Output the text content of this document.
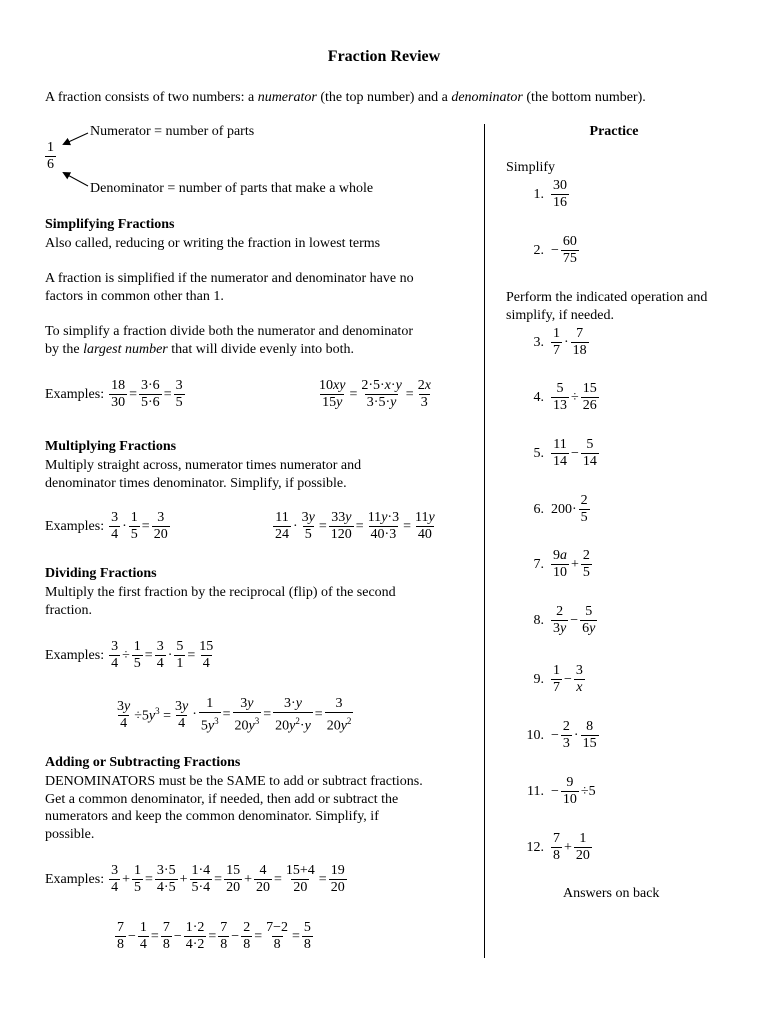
Fraction Review
A fraction consists of two numbers: a numerator (the top number) and a denominator (the bottom number).
$\frac{1}{6}$
Numerator = number of parts
Denominator = number of parts that make a whole
Simplifying Fractions
Also called, reducing or writing the fraction in lowest terms
A fraction is simplified if the numerator and denominator have no
factors in common other than 1.
To simplify a fraction divide both the numerator and denominator
by the largest number that will divide evenly into both.
Examples: $\frac{18}{30} = \frac{3\cdot 6}{5\cdot 6} = \frac{3}{5}$	$\frac{10xy}{15y} = \frac{2\cdot 5\cdot x\cdot y}{3\cdot 5\cdot y} = \frac{2x}{3}$
Multiplying Fractions
Multiply straight across, numerator times numerator and
denominator times denominator. Simplify, if possible.
Examples: $\frac{3}{4} \cdot \frac{1}{5} = \frac{3}{20}$	$\frac{11}{24} \cdot \frac{3y}{5} = \frac{33y}{120} = \frac{11y\cdot 3}{40\cdot 3} = \frac{11y}{40}$
Dividing Fractions
Multiply the first fraction by the reciprocal (flip) of the second
fraction.
Examples: $\frac{3}{4} \div \frac{1}{5} = \frac{3}{4} \cdot \frac{5}{1} = \frac{15}{4}$
$\frac{3y}{4} \div 5y^3 = \frac{3y}{4} \cdot \frac{1}{5y^3} = \frac{3y}{20y^3} = \frac{3\cdot y}{20y^2\cdot y} = \frac{3}{20y^2}$
Adding or Subtracting Fractions
DENOMINATORS must be the SAME to add or subtract fractions.
Get a common denominator, if needed, then add or subtract the
numerators and keep the common denominator. Simplify, if
possible.
Examples: $\frac{3}{4} + \frac{1}{5} = \frac{3\cdot 5}{4\cdot 5} + \frac{1\cdot 4}{5\cdot 4} = \frac{15}{20} + \frac{4}{20} = \frac{15+4}{20} = \frac{19}{20}$
$\frac{7}{8} - \frac{1}{4} = \frac{7}{8} - \frac{1\cdot 2}{4\cdot 2} = \frac{7}{8} - \frac{2}{8} = \frac{7-2}{8} = \frac{5}{8}$
Practice
Simplify
1. $\frac{30}{16}$
2. − $\frac{60}{75}$
Perform the indicated operation and
simplify, if needed.
3. $\frac{1}{7} \cdot \frac{7}{18}$
4. $\frac{5}{13} \div \frac{15}{26}$
5. $\frac{11}{14} - \frac{5}{14}$
6. $200\cdot \frac{2}{5}$
7. $\frac{9a}{10} + \frac{2}{5}$
8. $\frac{2}{3y} - \frac{5}{6y}$
9. $\frac{1}{7} - \frac{3}{x}$
10. − $\frac{2}{3} \cdot \frac{8}{15}$
11. − $\frac{9}{10} \div 5$
12. $\frac{7}{8} + \frac{1}{20}$
Answers on back
